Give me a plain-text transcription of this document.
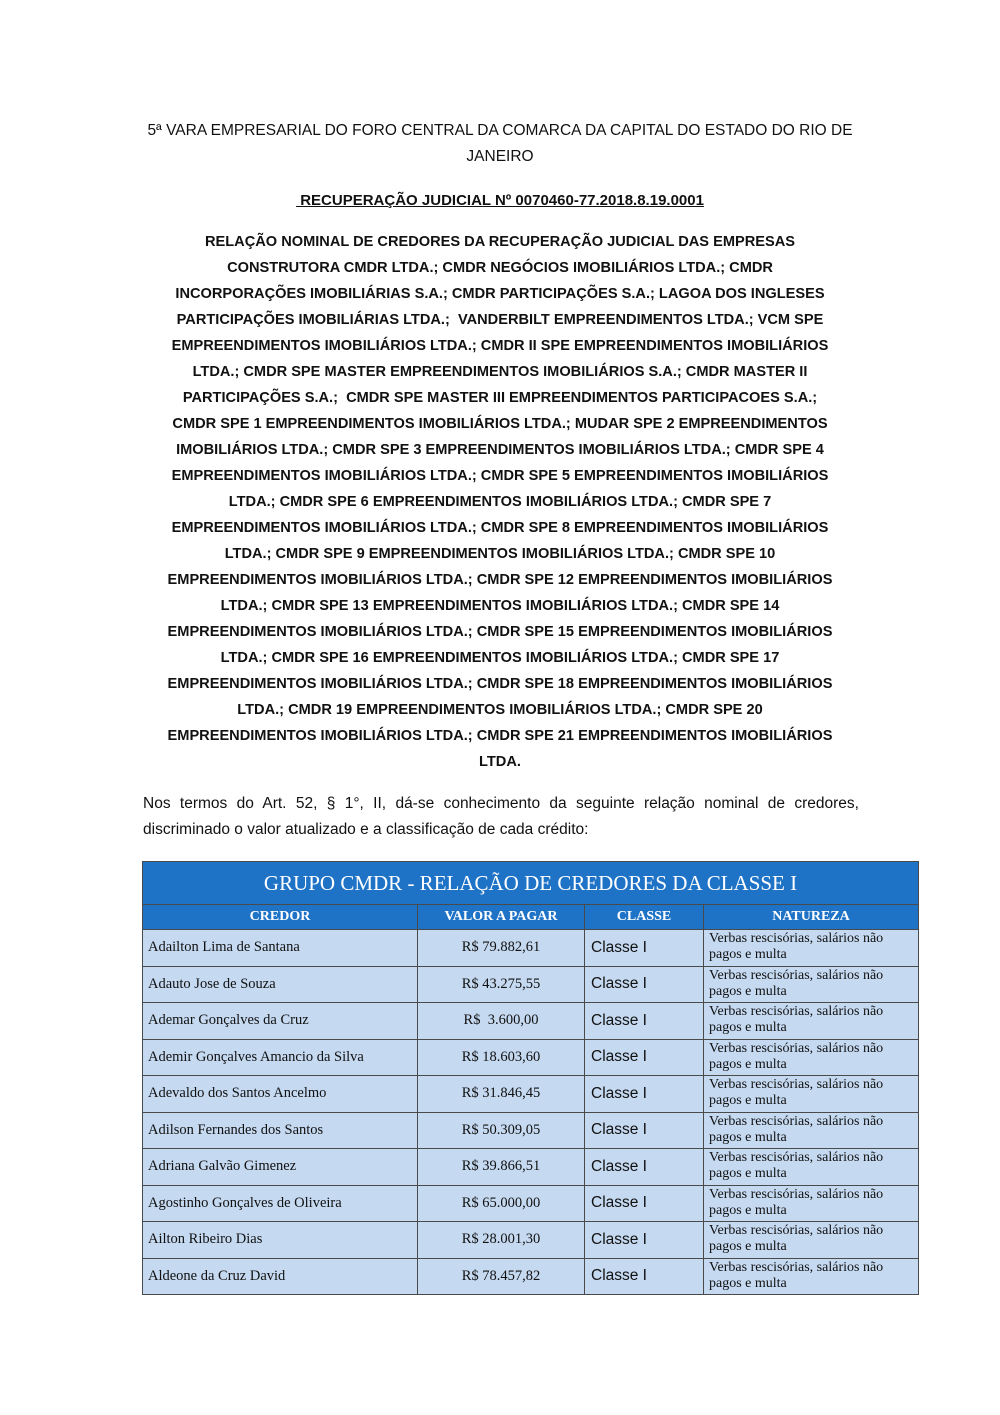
5ª VARA EMPRESARIAL DO FORO CENTRAL DA COMARCA DA CAPITAL DO ESTADO DO RIO DE
JANEIRO
RECUPERAÇÃO JUDICIAL Nº 0070460-77.2018.8.19.0001
RELAÇÃO NOMINAL DE CREDORES DA RECUPERAÇÃO JUDICIAL DAS EMPRESAS
CONSTRUTORA CMDR LTDA.; CMDR NEGÓCIOS IMOBILIÁRIOS LTDA.; CMDR
INCORPORAÇÕES IMOBILIÁRIAS S.A.; CMDR PARTICIPAÇÕES S.A.; LAGOA DOS INGLESES
PARTICIPAÇÕES IMOBILIÁRIAS LTDA.;  VANDERBILT EMPREENDIMENTOS LTDA.; VCM SPE
EMPREENDIMENTOS IMOBILIÁRIOS LTDA.; CMDR II SPE EMPREENDIMENTOS IMOBILIÁRIOS
LTDA.; CMDR SPE MASTER EMPREENDIMENTOS IMOBILIÁRIOS S.A.; CMDR MASTER II
PARTICIPAÇÕES S.A.;  CMDR SPE MASTER III EMPREENDIMENTOS PARTICIPACOES S.A.;
CMDR SPE 1 EMPREENDIMENTOS IMOBILIÁRIOS LTDA.; MUDAR SPE 2 EMPREENDIMENTOS
IMOBILIÁRIOS LTDA.; CMDR SPE 3 EMPREENDIMENTOS IMOBILIÁRIOS LTDA.; CMDR SPE 4
EMPREENDIMENTOS IMOBILIÁRIOS LTDA.; CMDR SPE 5 EMPREENDIMENTOS IMOBILIÁRIOS
LTDA.; CMDR SPE 6 EMPREENDIMENTOS IMOBILIÁRIOS LTDA.; CMDR SPE 7
EMPREENDIMENTOS IMOBILIÁRIOS LTDA.; CMDR SPE 8 EMPREENDIMENTOS IMOBILIÁRIOS
LTDA.; CMDR SPE 9 EMPREENDIMENTOS IMOBILIÁRIOS LTDA.; CMDR SPE 10
EMPREENDIMENTOS IMOBILIÁRIOS LTDA.; CMDR SPE 12 EMPREENDIMENTOS IMOBILIÁRIOS
LTDA.; CMDR SPE 13 EMPREENDIMENTOS IMOBILIÁRIOS LTDA.; CMDR SPE 14
EMPREENDIMENTOS IMOBILIÁRIOS LTDA.; CMDR SPE 15 EMPREENDIMENTOS IMOBILIÁRIOS
LTDA.; CMDR SPE 16 EMPREENDIMENTOS IMOBILIÁRIOS LTDA.; CMDR SPE 17
EMPREENDIMENTOS IMOBILIÁRIOS LTDA.; CMDR SPE 18 EMPREENDIMENTOS IMOBILIÁRIOS
LTDA.; CMDR 19 EMPREENDIMENTOS IMOBILIÁRIOS LTDA.; CMDR SPE 20
EMPREENDIMENTOS IMOBILIÁRIOS LTDA.; CMDR SPE 21 EMPREENDIMENTOS IMOBILIÁRIOS
LTDA.
Nos termos do Art. 52, § 1°, II, dá-se conhecimento da seguinte relação nominal de credores, discriminado o valor atualizado e a classificação de cada crédito:
GRUPO CMDR - RELAÇÃO DE CREDORES DA CLASSE I			
CREDOR	VALOR A PAGAR	CLASSE	NATUREZA
Adailton Lima de Santana	R$ 79.882,61	Classe I	Verbas rescisórias, salários não pagos e multa
Adauto Jose de Souza	R$ 43.275,55	Classe I	Verbas rescisórias, salários não pagos e multa
Ademar Gonçalves da Cruz	R$  3.600,00	Classe I	Verbas rescisórias, salários não pagos e multa
Ademir Gonçalves Amancio da Silva	R$ 18.603,60	Classe I	Verbas rescisórias, salários não pagos e multa
Adevaldo dos Santos Ancelmo	R$ 31.846,45	Classe I	Verbas rescisórias, salários não pagos e multa
Adilson Fernandes dos Santos	R$ 50.309,05	Classe I	Verbas rescisórias, salários não pagos e multa
Adriana Galvão Gimenez	R$ 39.866,51	Classe I	Verbas rescisórias, salários não pagos e multa
Agostinho Gonçalves de Oliveira	R$ 65.000,00	Classe I	Verbas rescisórias, salários não pagos e multa
Ailton Ribeiro Dias	R$ 28.001,30	Classe I	Verbas rescisórias, salários não pagos e multa
Aldeone da Cruz David	R$ 78.457,82	Classe I	Verbas rescisórias, salários não pagos e multa
